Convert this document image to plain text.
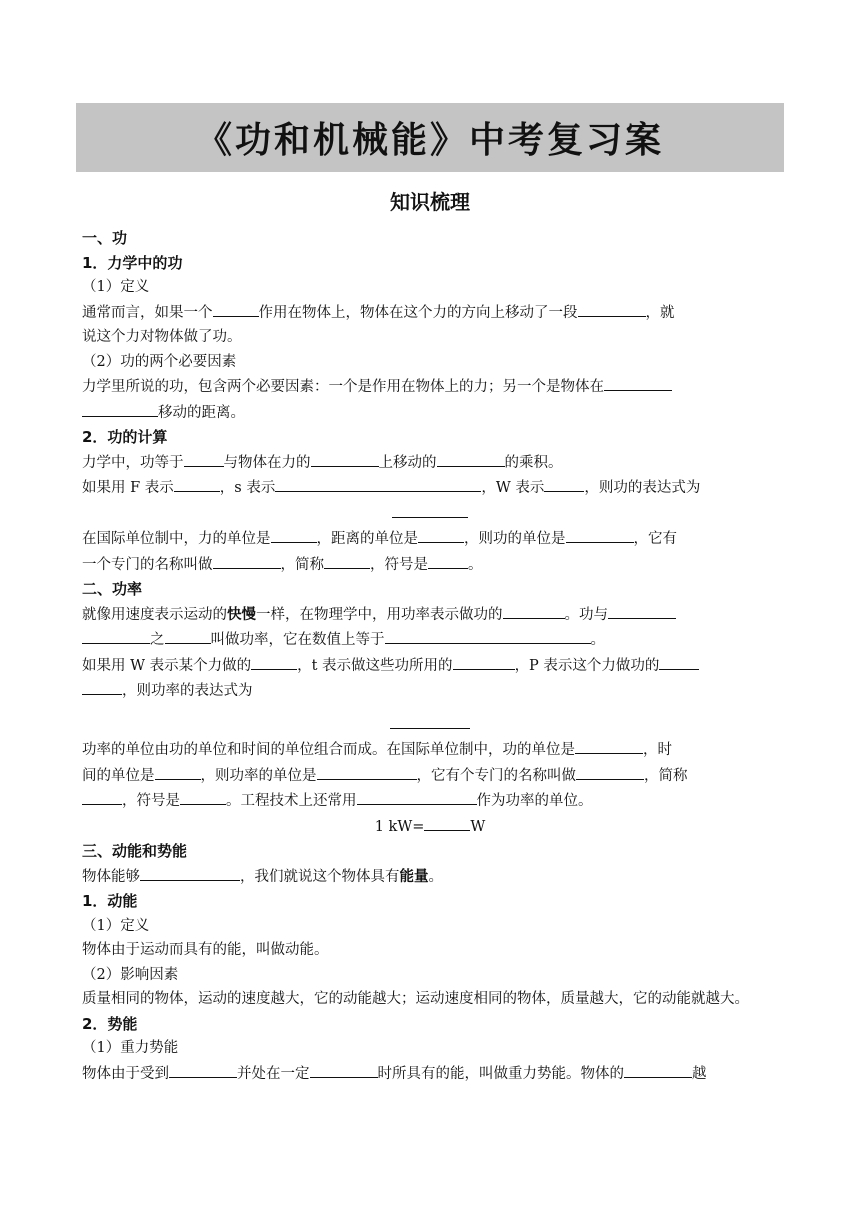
《功和机械能》中考复习案
知识梳理

一、功

1．力学中的功

（1）定义

通常而言，如果一个	作用在物体上，物体在这个力的方向上移动了一段	，就
说这个力对物体做了功。

（2）功的两个必要因素

力学里所说的功，包含两个必要因素：一个是作用在物体上的力；另一个是物体在
移动的距离。

2．功的计算

力学中，功等于	与物体在力的	上移动的	的乘积。

如果用 F 表示	，s 表示	，W 表示	，则功的表达式为

在国际单位制中，力的单位是	，距离的单位是	，则功的单位是	，它有
一个专门的名称叫做	，简称	，符号是	。

二、功率

就像用速度表示运动的快慢一样，在物理学中，用功率表示做功的	。功与
之	叫做功率，它在数值上等于	。

如果用 W 表示某个力做的	，t 表示做这些功所用的	，P 表示这个力做功的
，则功率的表达式为

功率的单位由功的单位和时间的单位组合而成。在国际单位制中，功的单位是	，时
间的单位是	，则功率的单位是	，它有个专门的名称叫做	，简称
，符号是	。工程技术上还常用	作为功率的单位。

1 kW=	W

三、动能和势能

物体能够	，我们就说这个物体具有能量。

1．动能

（1）定义

物体由于运动而具有的能，叫做动能。

（2）影响因素

质量相同的物体，运动的速度越大，它的动能越大；运动速度相同的物体，质量越大，它的动能就越大。

2．势能

（1）重力势能

物体由于受到	并处在一定	时所具有的能，叫做重力势能。物体的	越
